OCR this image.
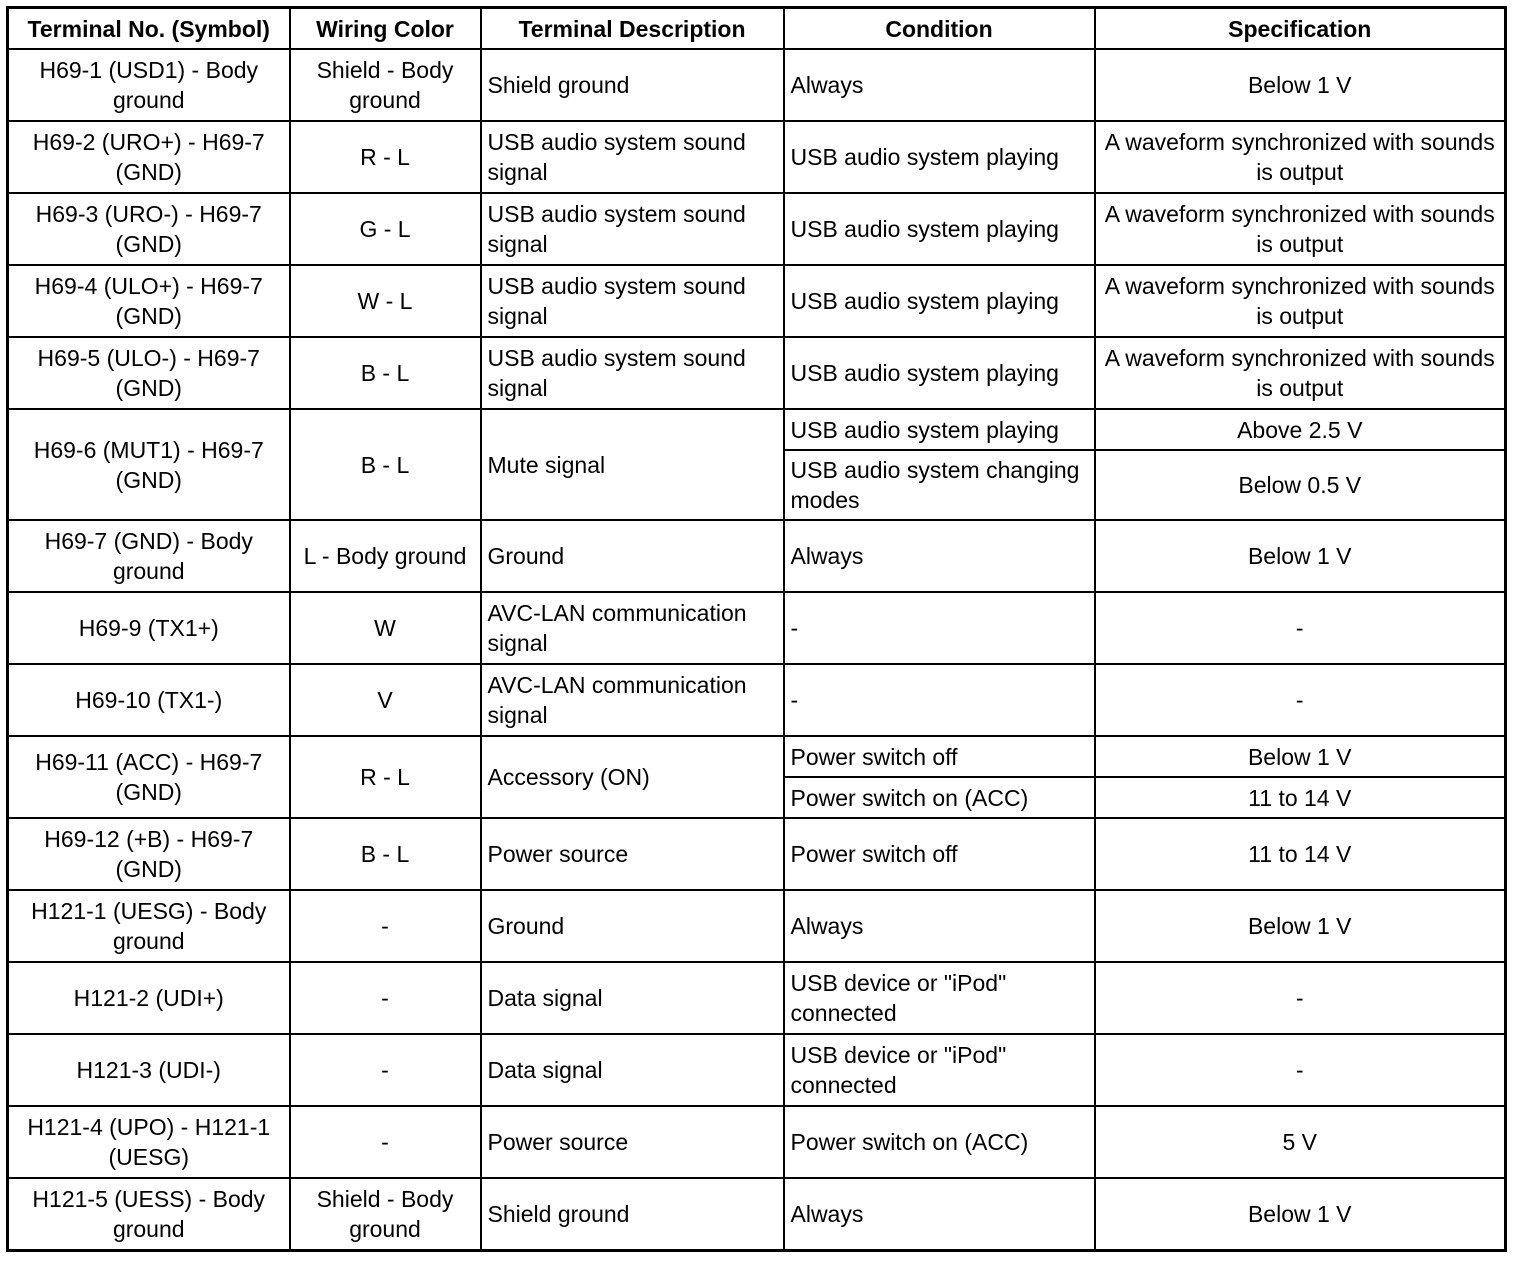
Terminal No. (Symbol)	Wiring Color	Terminal Description	Condition	Specification
H69-1 (USD1) - Body ground	Shield - Body ground	Shield ground	Always	Below 1 V
H69-2 (URO+) - H69-7 (GND)	R - L	USB audio system sound signal	USB audio system playing	A waveform synchronized with sounds is output
H69-3 (URO-) - H69-7 (GND)	G - L	USB audio system sound signal	USB audio system playing	A waveform synchronized with sounds is output
H69-4 (ULO+) - H69-7 (GND)	W - L	USB audio system sound signal	USB audio system playing	A waveform synchronized with sounds is output
H69-5 (ULO-) - H69-7 (GND)	B - L	USB audio system sound signal	USB audio system playing	A waveform synchronized with sounds is output
H69-6 (MUT1) - H69-7 (GND)	B - L	Mute signal	USB audio system playing	Above 2.5 V
			USB audio system changing modes	Below 0.5 V
H69-7 (GND) - Body ground	L - Body ground	Ground	Always	Below 1 V
H69-9 (TX1+)	W	AVC-LAN communication signal	-	-
H69-10 (TX1-)	V	AVC-LAN communication signal	-	-
H69-11 (ACC) - H69-7 (GND)	R - L	Accessory (ON)	Power switch off	Below 1 V
			Power switch on (ACC)	11 to 14 V
H69-12 (+B) - H69-7 (GND)	B - L	Power source	Power switch off	11 to 14 V
H121-1 (UESG) - Body ground	-	Ground	Always	Below 1 V
H121-2 (UDI+)	-	Data signal	USB device or "iPod" connected	-
H121-3 (UDI-)	-	Data signal	USB device or "iPod" connected	-
H121-4 (UPO) - H121-1 (UESG)	-	Power source	Power switch on (ACC)	5 V
H121-5 (UESS) - Body ground	Shield - Body ground	Shield ground	Always	Below 1 V
